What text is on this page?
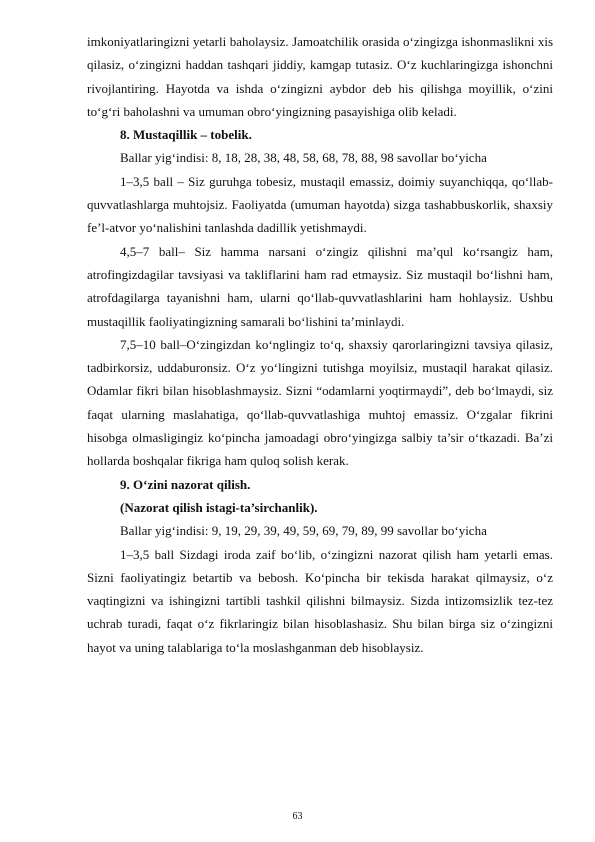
imkoniyatlaringizni yetarli baholaysiz. Jamoatchilik orasida o‘zingizga ishonmaslikni xis qilasiz, o‘zingizni haddan tashqari jiddiy, kamgap tutasiz. O‘z kuchlaringizga ishonchni rivojlantiring. Hayotda va ishda o‘zingizni aybdor deb his qilishga moyillik, o‘zini to‘g‘ri baholashni va umuman obro‘yingizning pasayishiga olib keladi.

8. Mustaqillik – tobelik.

Ballar yig‘indisi: 8, 18, 28, 38, 48, 58, 68, 78, 88, 98 savollar bo‘yicha

1–3,5 ball – Siz guruhga tobesiz, mustaqil emassiz, doimiy suyanchiqqa, qo‘llab-quvvatlashlarga muhtojsiz. Faoliyatda (umuman hayotda) sizga tashabbuskorlik, shaxsiy fe’l-atvor yo‘nalishini tanlashda dadillik yetishmaydi.

4,5–7 ball– Siz hamma narsani o‘zingiz qilishni ma’qul ko‘rsangiz ham, atrofingizdagilar tavsiyasi va takliflarini ham rad etmaysiz. Siz mustaqil bo‘lishni ham, atrofdagilarga tayanishni ham, ularni qo‘llab-quvvatlashlarini ham hohlaysiz. Ushbu mustaqillik faoliyatingizning samarali bo‘lishini ta’minlaydi.

7,5–10 ball–O‘zingizdan ko‘nglingiz to‘q, shaxsiy qarorlaringizni tavsiya qilasiz, tadbirkorsiz, uddaburonsiz. O‘z yo‘lingizni tutishga moyilsiz, mustaqil harakat qilasiz. Odamlar fikri bilan hisoblashmaysiz. Sizni “odamlarni yoqtirmaydi”, deb bo‘lmaydi, siz faqat ularning maslahatiga, qo‘llab-quvvatlashiga muhtoj emassiz. O‘zgalar fikrini hisobga olmasligingiz ko‘pincha jamoadagi obro‘yingizga salbiy ta’sir o‘tkazadi. Ba’zi hollarda boshqalar fikriga ham quloq solish kerak.

9. O‘zini nazorat qilish.

(Nazorat qilish istagi-ta’sirchanlik).

Ballar yig‘indisi: 9, 19, 29, 39, 49, 59, 69, 79, 89, 99 savollar bo‘yicha

1–3,5 ball Sizdagi iroda zaif bo‘lib, o‘zingizni nazorat qilish ham yetarli emas. Sizni faoliyatingiz betartib va bebosh. Ko‘pincha bir tekisda harakat qilmaysiz, o‘z vaqtingizni va ishingizni tartibli tashkil qilishni bilmaysiz. Sizda intizomsizlik tez-tez uchrab turadi, faqat o‘z fikrlaringiz bilan hisoblashasiz. Shu bilan birga siz o‘zingizni hayot va uning talablariga to‘la moslashganman deb hisoblaysiz.

63
